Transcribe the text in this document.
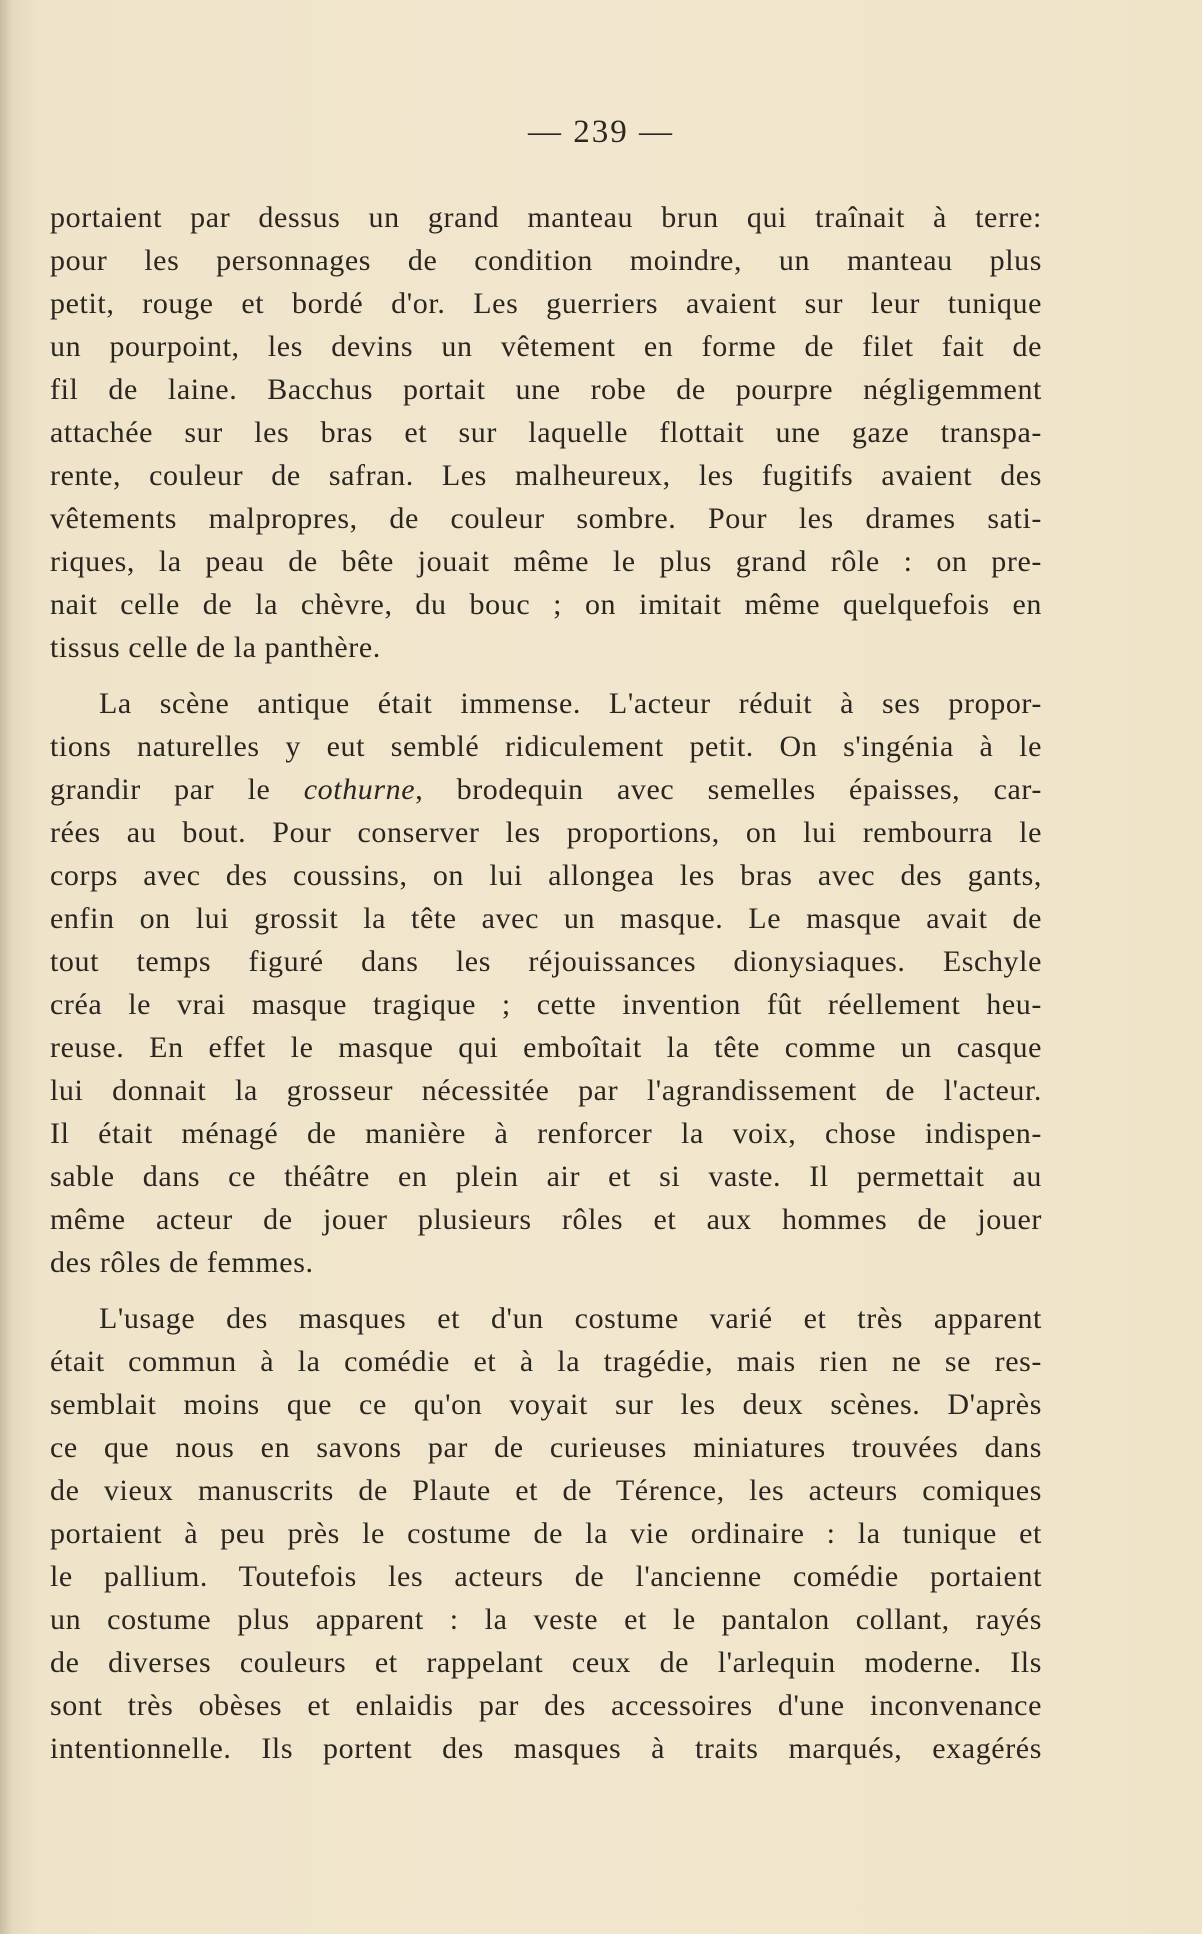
— 239 —
portaient par dessus un grand manteau brun qui traînait à terre:
pour les personnages de condition moindre, un manteau plus
petit, rouge et bordé d'or. Les guerriers avaient sur leur tunique
un pourpoint, les devins un vêtement en forme de filet fait de
fil de laine. Bacchus portait une robe de pourpre négligemment
attachée sur les bras et sur laquelle flottait une gaze transpa-
rente, couleur de safran. Les malheureux, les fugitifs avaient des
vêtements malpropres, de couleur sombre. Pour les drames sati-
riques, la peau de bête jouait même le plus grand rôle : on pre-
nait celle de la chèvre, du bouc ; on imitait même quelquefois en
tissus celle de la panthère.
La scène antique était immense. L'acteur réduit à ses propor-
tions naturelles y eut semblé ridiculement petit. On s'ingénia à le
grandir par le cothurne, brodequin avec semelles épaisses, car-
rées au bout. Pour conserver les proportions, on lui rembourra le
corps avec des coussins, on lui allongea les bras avec des gants,
enfin on lui grossit la tête avec un masque. Le masque avait de
tout temps figuré dans les réjouissances dionysiaques. Eschyle
créa le vrai masque tragique ; cette invention fût réellement heu-
reuse. En effet le masque qui emboîtait la tête comme un casque
lui donnait la grosseur nécessitée par l'agrandissement de l'acteur.
Il était ménagé de manière à renforcer la voix, chose indispen-
sable dans ce théâtre en plein air et si vaste. Il permettait au
même acteur de jouer plusieurs rôles et aux hommes de jouer
des rôles de femmes.
L'usage des masques et d'un costume varié et très apparent
était commun à la comédie et à la tragédie, mais rien ne se res-
semblait moins que ce qu'on voyait sur les deux scènes. D'après
ce que nous en savons par de curieuses miniatures trouvées dans
de vieux manuscrits de Plaute et de Térence, les acteurs comiques
portaient à peu près le costume de la vie ordinaire : la tunique et
le pallium. Toutefois les acteurs de l'ancienne comédie portaient
un costume plus apparent : la veste et le pantalon collant, rayés
de diverses couleurs et rappelant ceux de l'arlequin moderne. Ils
sont très obèses et enlaidis par des accessoires d'une inconvenance
intentionnelle. Ils portent des masques à traits marqués, exagérés
